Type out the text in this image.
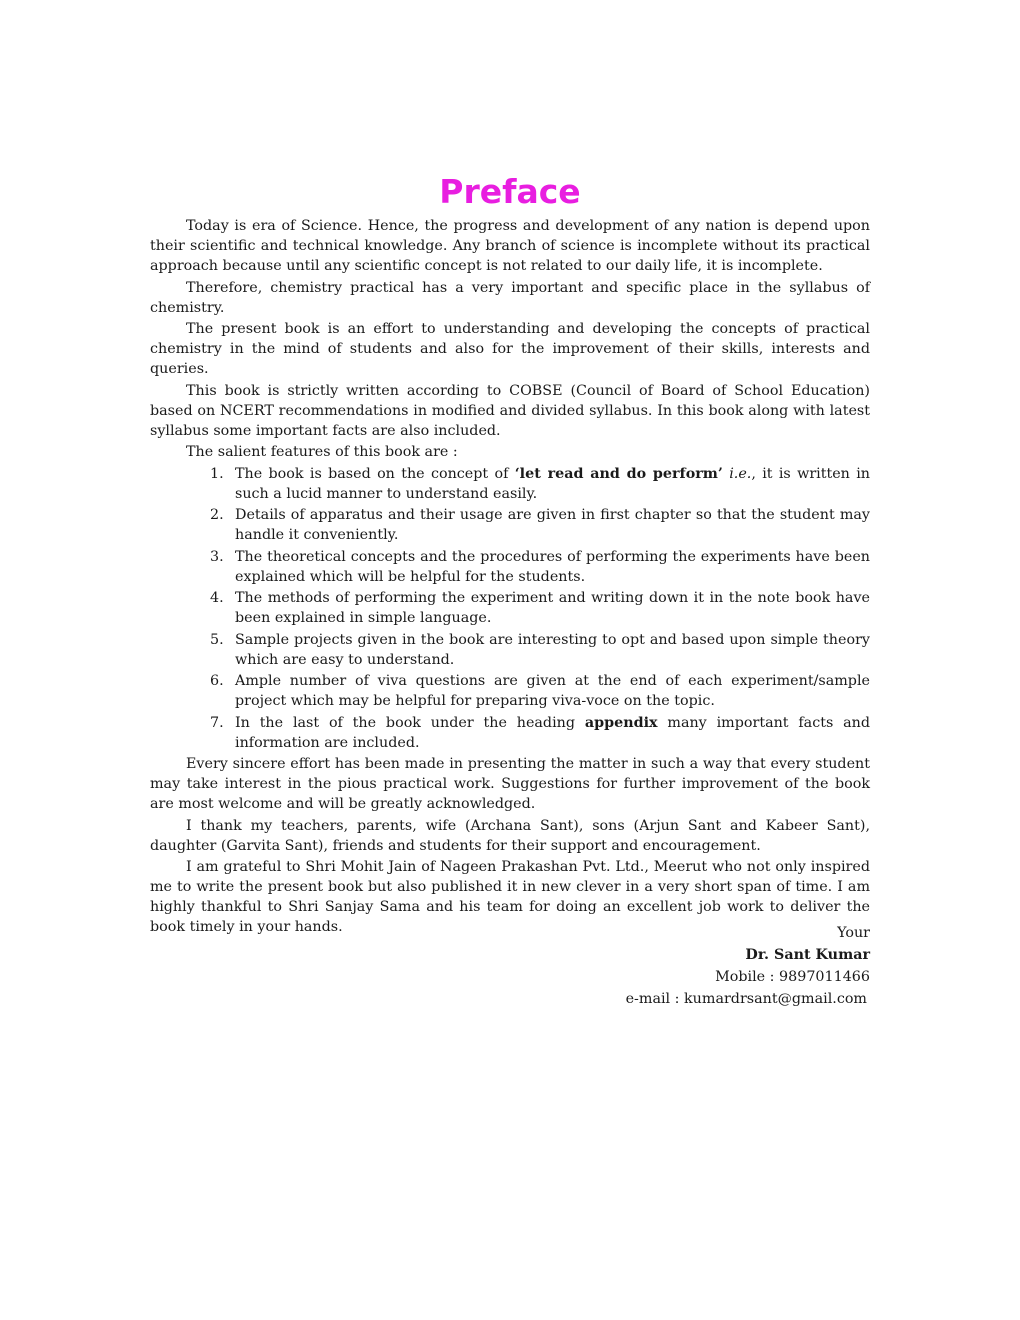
Preface

Today is era of Science. Hence, the progress and development of any nation is depend upon their scientific and technical knowledge. Any branch of science is incomplete without its practical approach because until any scientific concept is not related to our daily life, it is incomplete.

Therefore, chemistry practical has a very important and specific place in the syllabus of chemistry.

The present book is an effort to understanding and developing the concepts of practical chemistry in the mind of students and also for the improvement of their skills, interests and queries.

This book is strictly written according to COBSE (Council of Board of School Education) based on NCERT recommendations in modified and divided syllabus. In this book along with latest syllabus some important facts are also included.

The salient features of this book are :

1. The book is based on the concept of ‘let read and do perform’ i.e., it is written in such a lucid manner to understand easily.
2. Details of apparatus and their usage are given in first chapter so that the student may handle it conveniently.
3. The theoretical concepts and the procedures of performing the experiments have been explained which will be helpful for the students.
4. The methods of performing the experiment and writing down it in the note book have been explained in simple language.
5. Sample projects given in the book are interesting to opt and based upon simple theory which are easy to understand.
6. Ample number of viva questions are given at the end of each experiment/sample project which may be helpful for preparing viva-voce on the topic.
7. In the last of the book under the heading appendix many important facts and information are included.

Every sincere effort has been made in presenting the matter in such a way that every student may take interest in the pious practical work. Suggestions for further improvement of the book are most welcome and will be greatly acknowledged.

I thank my teachers, parents, wife (Archana Sant), sons (Arjun Sant and Kabeer Sant), daughter (Garvita Sant), friends and students for their support and encouragement.

I am grateful to Shri Mohit Jain of Nageen Prakashan Pvt. Ltd., Meerut who not only inspired me to write the present book but also published it in new clever in a very short span of time. I am highly thankful to Shri Sanjay Sama and his team for doing an excellent job work to deliver the book timely in your hands.	Your
Dr. Sant Kumar
Mobile : 9897011466
e-mail : kumardrsant@gmail.com
